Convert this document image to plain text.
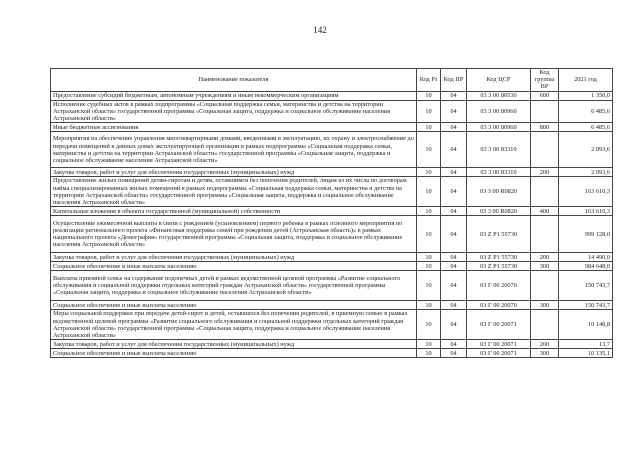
142
Наименование показателя	Код Рз	Код ПР	Код ЦСР	Код группы ВР	2021 год
Предоставление субсидий бюджетным, автономным учреждениям и иным некоммерческим организациям	10	04	03 3 00 80530	600	1 350,0
Исполнение судебных актов в рамках подпрограммы «Социальная поддержка семьи, материнства и детства на территории Астраханской области» государственной программы «Социальная защита, поддержка и социальное обслуживание населения Астраханской области»	10	04	03 3 00 80960		6 485,6
Иные бюджетные ассигнования	10	04	03 3 00 80960	800	6 485,6
Мероприятия на обеспечение управления многоквартирными домами, введенными в эксплуатацию, их охрану и электроснабжение до передачи помещений в данных домах эксплуатирующей организации в рамках подпрограммы «Социальная поддержка семьи, материнства и детства на территории Астраханской области» государственной программы «Социальная защита, поддержка и социальное обслуживание населения Астраханской области»	10	04	03 3 00 83310		2 093,6
Закупка товаров, работ и услуг для обеспечения государственных (муниципальных) нужд	10	04	03 3 00 83310	200	2 093,6
Предоставление жилых помещений детям-сиротам и детям, оставшимся без попечения родителей, лицам из их числа по договорам найма специализированных жилых помещений в рамках подпрограммы «Социальная поддержка семьи, материнства и детства на территории Астраханской области» государственной программы «Социальная защита, поддержка и социальное обслуживание населения Астраханской области»	10	04	03 3 00 R0820		163 610,3
Капитальные вложения в объекты государственной (муниципальной) собственности	10	04	03 3 00 R0820	400	163 610,3
Осуществление ежемесячной выплаты в связи с рождением (усыновлением) первого ребенка в рамках основного мероприятия по реализации регионального проекта «Финансовая поддержка семей при рождении детей (Астраханская область)» в рамках национального проекта «Демография» государственной программы «Социальная защита, поддержка и социальное обслуживание населения Астраханской области»	10	04	03 Z P1 55730		999 128,0
Закупка товаров, работ и услуг для обеспечения государственных (муниципальных) нужд	10	04	03 Z P1 55730	200	14 490,0
Социальное обеспечение и иные выплаты населению	10	04	03 Z P1 55730	300	984 648,0
Выплаты приемной семье на содержание подопечных детей в рамках ведомственной целевой программы «Развитие социального обслуживания и социальной поддержки отдельных категорий граждан Астраханской области» государственной программы «Социальная защита, поддержка и социальное обслуживание населения Астраханской области»	10	04	03 Г 00 20070		150 743,7
Социальное обеспечение и иные выплаты населению	10	04	03 Г 00 20070	300	150 743,7
Меры социальной поддержки при передаче детей-сирот и детей, оставшихся без попечения родителей, в приемную семью в рамках ведомственной целевой программы «Развитие социального обслуживания и социальной поддержки отдельных категорий граждан Астраханской области» государственной программы «Социальная защита, поддержка и социальное обслуживание населения Астраханской области»	10	04	03 Г 00 20071		10 148,8
Закупка товаров, работ и услуг для обеспечения государственных (муниципальных) нужд	10	04	03 Г 00 20071	200	13,7
Социальное обеспечение и иные выплаты населению	10	04	03 Г 00 20071	300	10 135,1
